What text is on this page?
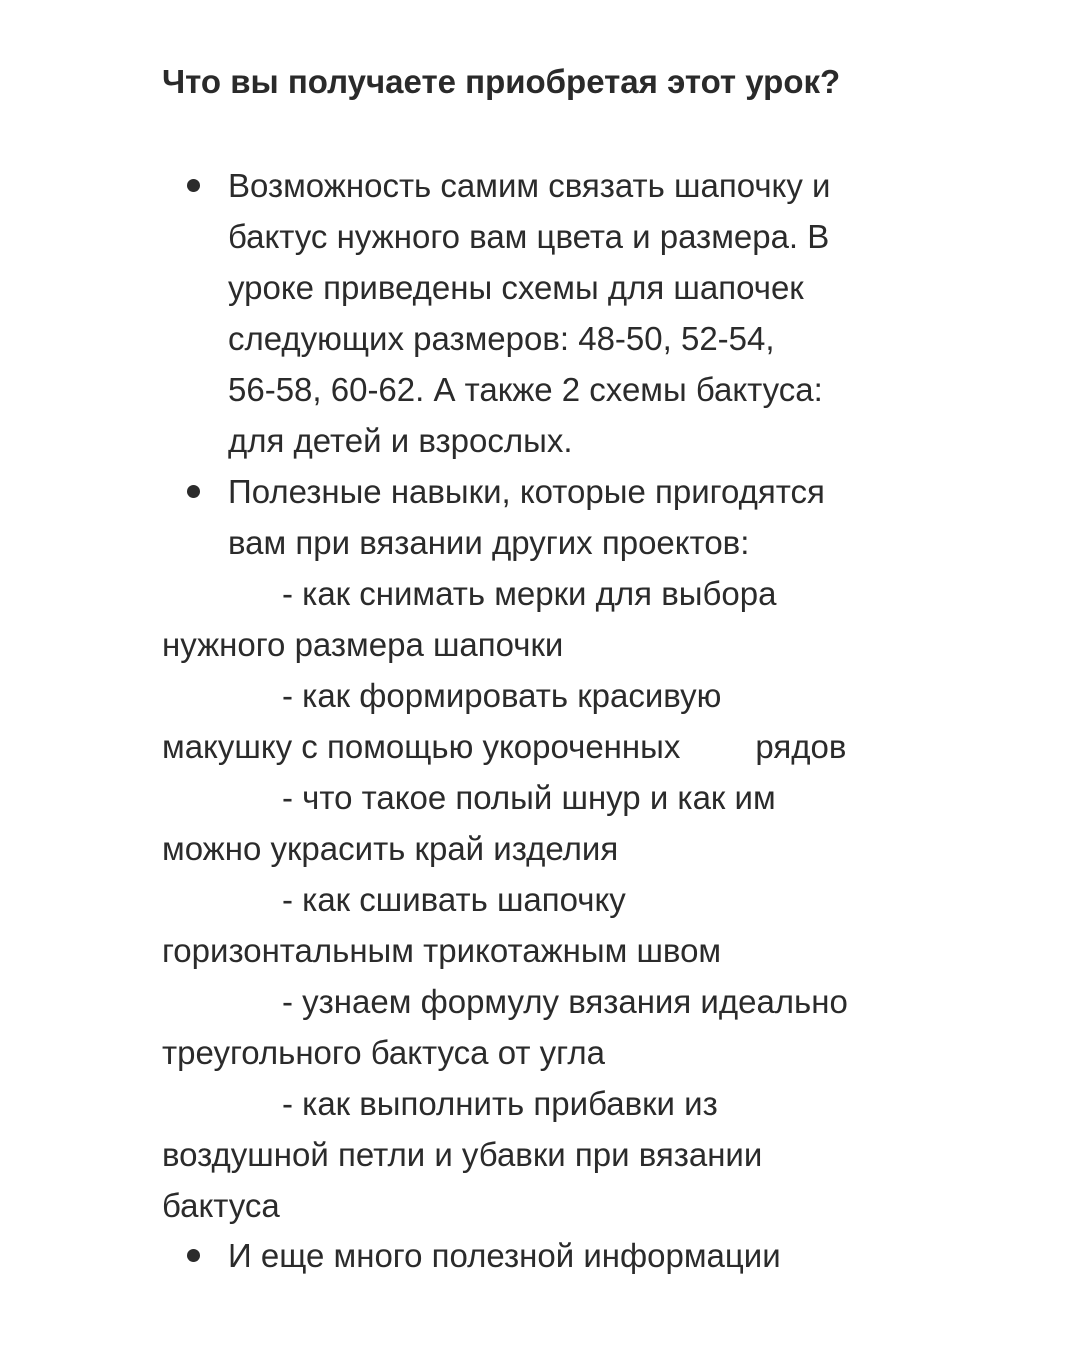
Что вы получаете приобретая этот урок?
Возможность самим связать шапочку и
бактус нужного вам цвета и размера. В
уроке приведены схемы для шапочек
следующих размеров: 48-50, 52-54,
56-58, 60-62. А также 2 схемы бактуса:
для детей и взрослых.
Полезные навыки, которые пригодятся
вам при вязании других проектов:
- как снимать мерки для выбора
нужного размера шапочки
- как формировать красивую
макушку с помощью укороченных рядов
- что такое полый шнур и как им
можно украсить край изделия
- как сшивать шапочку
горизонтальным трикотажным швом
- узнаем формулу вязания идеально
треугольного бактуса от угла
- как выполнить прибавки из
воздушной петли и убавки при вязании
бактуса
И еще много полезной информации
